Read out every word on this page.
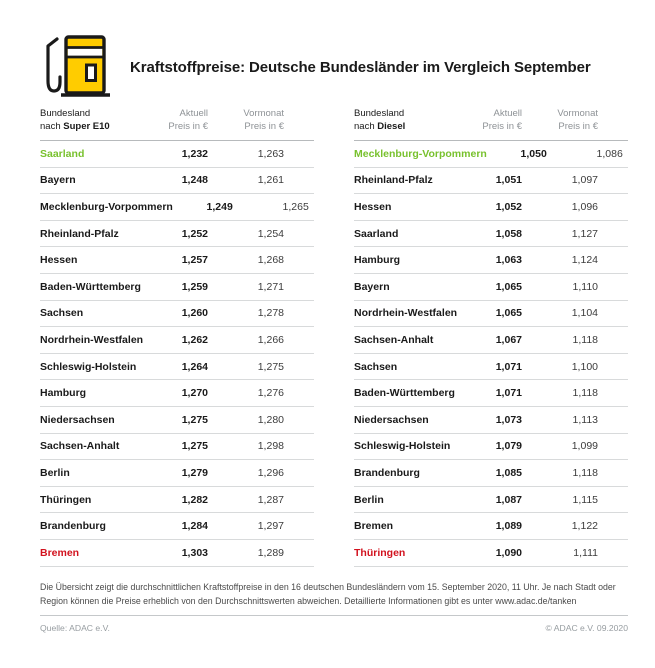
Kraftstoffpreise: Deutsche Bundesländer im Vergleich September
Bundesland
nach Super E10
Aktuell
Preis in €
Vormonat
Preis in €
Saarland	1,232	1,263
Bayern	1,248	1,261
Mecklenburg-Vorpommern	1,249	1,265
Rheinland-Pfalz	1,252	1,254
Hessen	1,257	1,268
Baden-Württemberg	1,259	1,271
Sachsen	1,260	1,278
Nordrhein-Westfalen	1,262	1,266
Schleswig-Holstein	1,264	1,275
Hamburg	1,270	1,276
Niedersachsen	1,275	1,280
Sachsen-Anhalt	1,275	1,298
Berlin	1,279	1,296
Thüringen	1,282	1,287
Brandenburg	1,284	1,297
Bremen	1,303	1,289
Bundesland
nach Diesel
Aktuell
Preis in €
Vormonat
Preis in €
Mecklenburg-Vorpommern	1,050	1,086
Rheinland-Pfalz	1,051	1,097
Hessen	1,052	1,096
Saarland	1,058	1,127
Hamburg	1,063	1,124
Bayern	1,065	1,110
Nordrhein-Westfalen	1,065	1,104
Sachsen-Anhalt	1,067	1,118
Sachsen	1,071	1,100
Baden-Württemberg	1,071	1,118
Niedersachsen	1,073	1,113
Schleswig-Holstein	1,079	1,099
Brandenburg	1,085	1,118
Berlin	1,087	1,115
Bremen	1,089	1,122
Thüringen	1,090	1,111

Die Übersicht zeigt die durchschnittlichen Kraftstoffpreise in den 16 deutschen Bundesländern vom 15. September 2020, 11 Uhr. Je nach Stadt oder Region können die Preise erheblich von den Durchschnittswerten abweichen. Detaillierte Informationen gibt es unter www.adac.de/tanken

Quelle: ADAC e.V.	© ADAC e.V. 09.2020
